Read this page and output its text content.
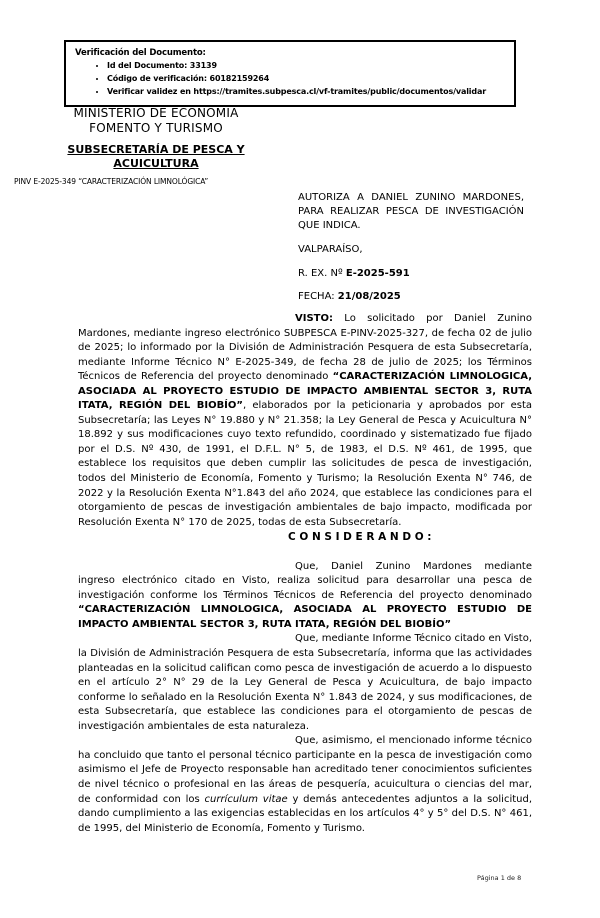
Verificación del Documento:
• Id del Documento: 33139
• Código de verificación: 60182159264
• Verificar validez en https://tramites.subpesca.cl/vf-tramites/public/documentos/validar
MINISTERIO DE ECONOMÍA
FOMENTO Y TURISMO
SUBSECRETARÍA DE PESCA Y
ACUICULTURA
PINV E-2025-349 “CARACTERIZACIÓN LIMNOLÓGICA”
AUTORIZA A DANIEL ZUNINO MARDONES, PARA REALIZAR PESCA DE INVESTIGACIÓN QUE INDICA.
VALPARAÍSO,
R. EX. Nº E-2025-591
FECHA: 21/08/2025

VISTO: Lo solicitado por Daniel Zunino Mardones, mediante ingreso electrónico SUBPESCA E-PINV-2025-327, de fecha 02 de julio de 2025; lo informado por la División de Administración Pesquera de esta Subsecretaría, mediante Informe Técnico N° E-2025-349, de fecha 28 de julio de 2025; los Términos Técnicos de Referencia del proyecto denominado “CARACTERIZACIÓN LIMNOLOGICA, ASOCIADA AL PROYECTO ESTUDIO DE IMPACTO AMBIENTAL SECTOR 3, RUTA ITATA, REGIÓN DEL BIOBÍO”, elaborados por la peticionaria y aprobados por esta Subsecretaría; las Leyes N° 19.880 y N° 21.358; la Ley General de Pesca y Acuicultura N° 18.892 y sus modificaciones cuyo texto refundido, coordinado y sistematizado fue fijado por el D.S. Nº 430, de 1991, el D.F.L. N° 5, de 1983, el D.S. Nº 461, de 1995, que establece los requisitos que deben cumplir las solicitudes de pesca de investigación, todos del Ministerio de Economía, Fomento y Turismo; la Resolución Exenta N° 746, de 2022 y la Resolución Exenta N°1.843 del año 2024, que establece las condiciones para el otorgamiento de pescas de investigación ambientales de bajo impacto, modificada por Resolución Exenta N° 170 de 2025, todas de esta Subsecretaría.

C O N S I D E R A N D O :

Que, Daniel Zunino Mardones mediante ingreso electrónico citado en Visto, realiza solicitud para desarrollar una pesca de investigación conforme los Términos Técnicos de Referencia del proyecto denominado “CARACTERIZACIÓN LIMNOLOGICA, ASOCIADA AL PROYECTO ESTUDIO DE IMPACTO AMBIENTAL SECTOR 3, RUTA ITATA, REGIÓN DEL BIOBÍO”

Que, mediante Informe Técnico citado en Visto, la División de Administración Pesquera de esta Subsecretaría, informa que las actividades planteadas en la solicitud califican como pesca de investigación de acuerdo a lo dispuesto en el artículo 2° N° 29 de la Ley General de Pesca y Acuicultura, de bajo impacto conforme lo señalado en la Resolución Exenta N° 1.843 de 2024, y sus modificaciones, de esta Subsecretaría, que establece las condiciones para el otorgamiento de pescas de investigación ambientales de esta naturaleza.

Que, asimismo, el mencionado informe técnico ha concluido que tanto el personal técnico participante en la pesca de investigación como asimismo el Jefe de Proyecto responsable han acreditado tener conocimientos suficientes de nivel técnico o profesional en las áreas de pesquería, acuicultura o ciencias del mar, de conformidad con los currículum vitae y demás antecedentes adjuntos a la solicitud, dando cumplimiento a las exigencias establecidas en los artículos 4° y 5° del D.S. N° 461, de 1995, del Ministerio de Economía, Fomento y Turismo.

Página 1 de 8
